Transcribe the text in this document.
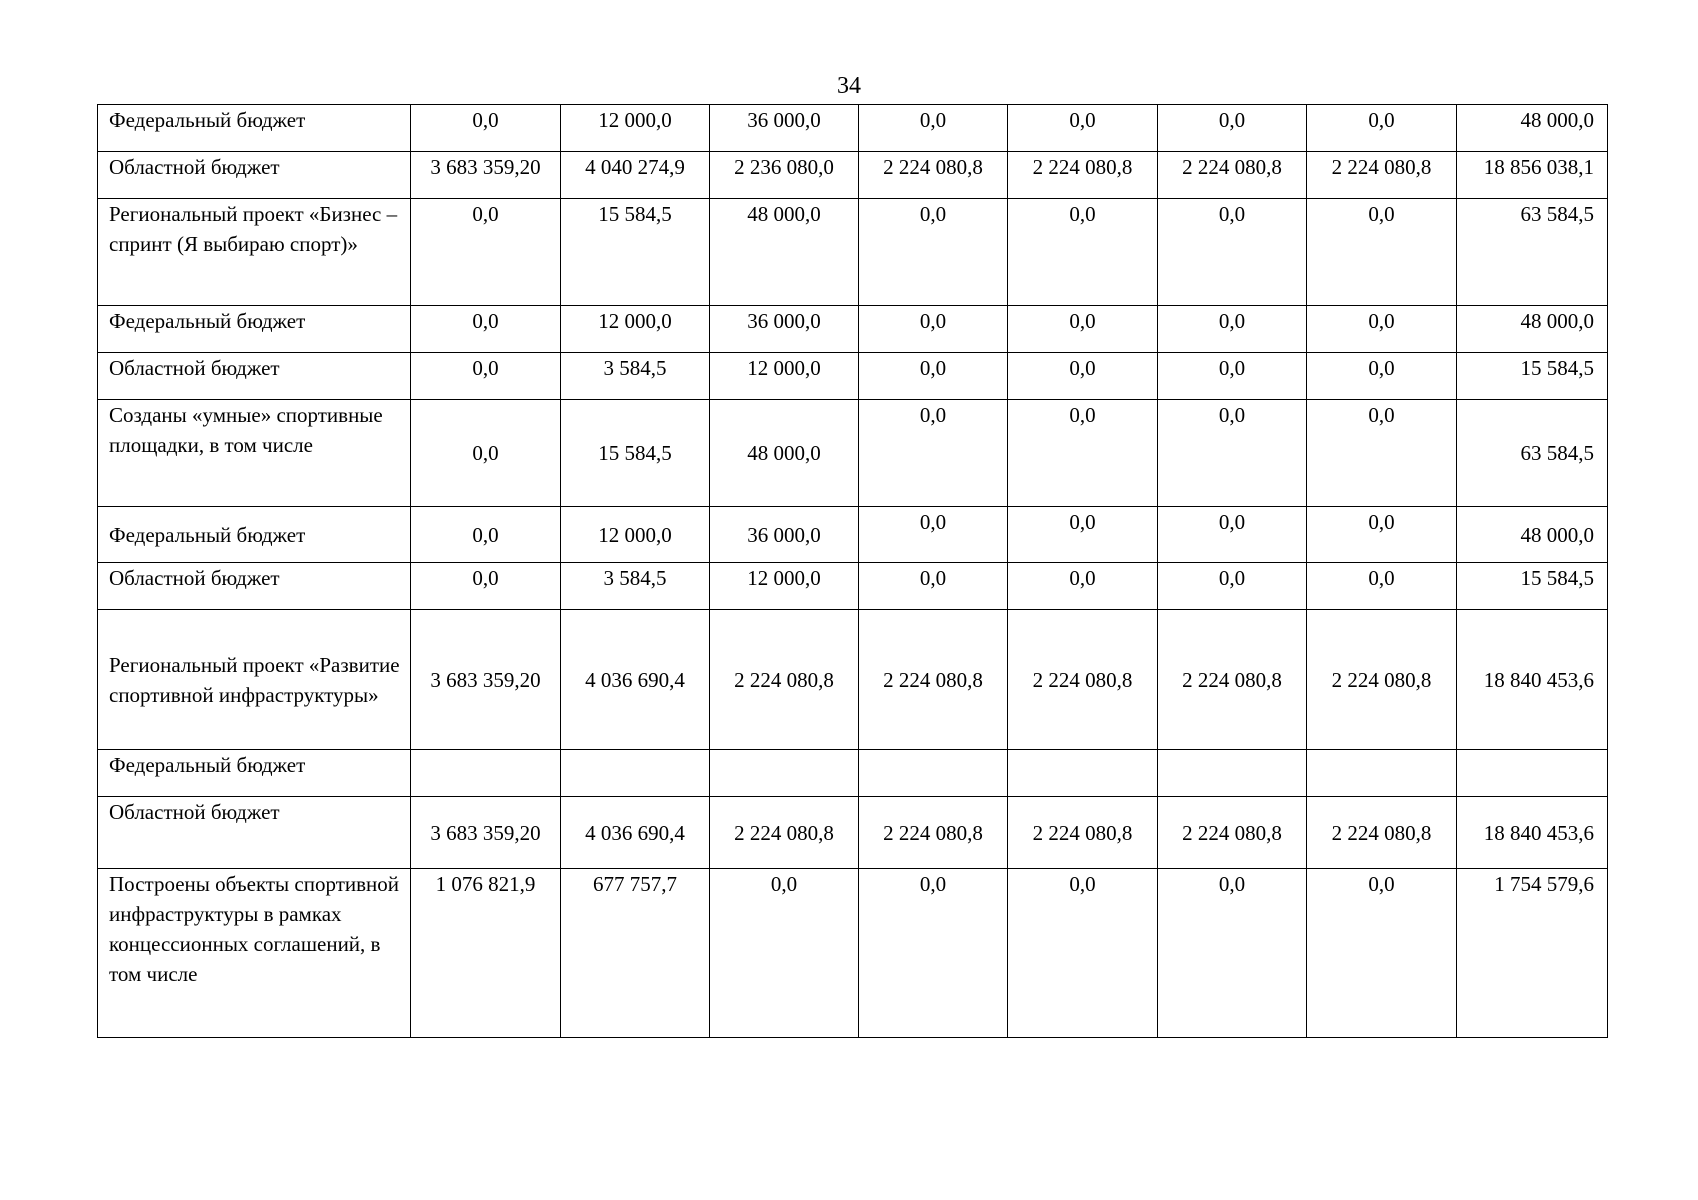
34
Федеральный бюджет	0,0	12 000,0	36 000,0	0,0	0,0	0,0	0,0	48 000,0
Областной бюджет	3 683 359,20	4 040 274,9	2 236 080,0	2 224 080,8	2 224 080,8	2 224 080,8	2 224 080,8	18 856 038,1
Региональный проект «Бизнес – спринт (Я выбираю спорт)»	0,0	15 584,5	48 000,0	0,0	0,0	0,0	0,0	63 584,5
Федеральный бюджет	0,0	12 000,0	36 000,0	0,0	0,0	0,0	0,0	48 000,0
Областной бюджет	0,0	3 584,5	12 000,0	0,0	0,0	0,0	0,0	15 584,5
Созданы «умные» спортивные площадки, в том числе	0,0	15 584,5	48 000,0	0,0	0,0	0,0	0,0	63 584,5
Федеральный бюджет	0,0	12 000,0	36 000,0	0,0	0,0	0,0	0,0	48 000,0
Областной бюджет	0,0	3 584,5	12 000,0	0,0	0,0	0,0	0,0	15 584,5
Региональный проект «Развитие спортивной инфраструктуры»	3 683 359,20	4 036 690,4	2 224 080,8	2 224 080,8	2 224 080,8	2 224 080,8	2 224 080,8	18 840 453,6
Федеральный бюджет								
Областной бюджет	3 683 359,20	4 036 690,4	2 224 080,8	2 224 080,8	2 224 080,8	2 224 080,8	2 224 080,8	18 840 453,6
Построены объекты спортивной инфраструктуры в рамках концессионных соглашений, в том числе	1 076 821,9	677 757,7	0,0	0,0	0,0	0,0	0,0	1 754 579,6
